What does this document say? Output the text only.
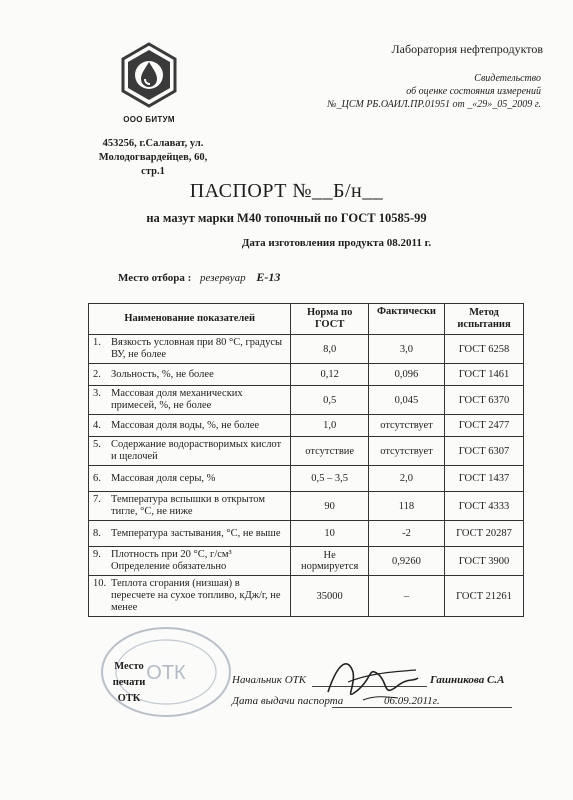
Лаборатория нефтепродуктов
Свидетельство
об оценке состояния измерений
№_ЦСМ РБ.ОАИЛ.ПР.01951 от _«29»_05_2009 г.
ООО БИТУМ
453256, г.Салават, ул.
Молодогвардейцев, 60,
стр.1
ПАСПОРТ №__Б/н__
на мазут марки М40 топочный по ГОСТ 10585-99
Дата изготовления продукта 08.2011 г.
Место отбора : резервуар Е-13
Наименование показателей	Норма по ГОСТ	Фактически	Метод испытания

1. Вязкость условная при 80 °С, градусы ВУ, не более	8,0	3,0	ГОСТ 6258

2. Зольность, %, не более	0,12	0,096	ГОСТ 1461

3. Массовая доля механических примесей, %, не более	0,5	0,045	ГОСТ 6370

4. Массовая доля воды, %, не более	1,0	отсутствует	ГОСТ 2477

5. Содержание водорастворимых кислот и щелочей	отсутствие	отсутствует	ГОСТ 6307

6. Массовая доля серы, %	0,5 – 3,5	2,0	ГОСТ 1437

7. Температура вспышки в открытом тигле, °С, не ниже	90	118	ГОСТ 4333

8. Температура застывания, °С, не выше	10	-2	ГОСТ 20287

9. Плотность при 20 °С, г/см³ Определение обязательно	Не нормируется	0,9260	ГОСТ 3900

10. Теплота сгорания (низшая) в пересчете на сухое топливо, кДж/г, не менее	35000	–	ГОСТ 21261
ОТК
Место печати ОТК
Начальник ОТК	Гашникова С.А
Дата выдачи паспорта	06.09.2011г.
